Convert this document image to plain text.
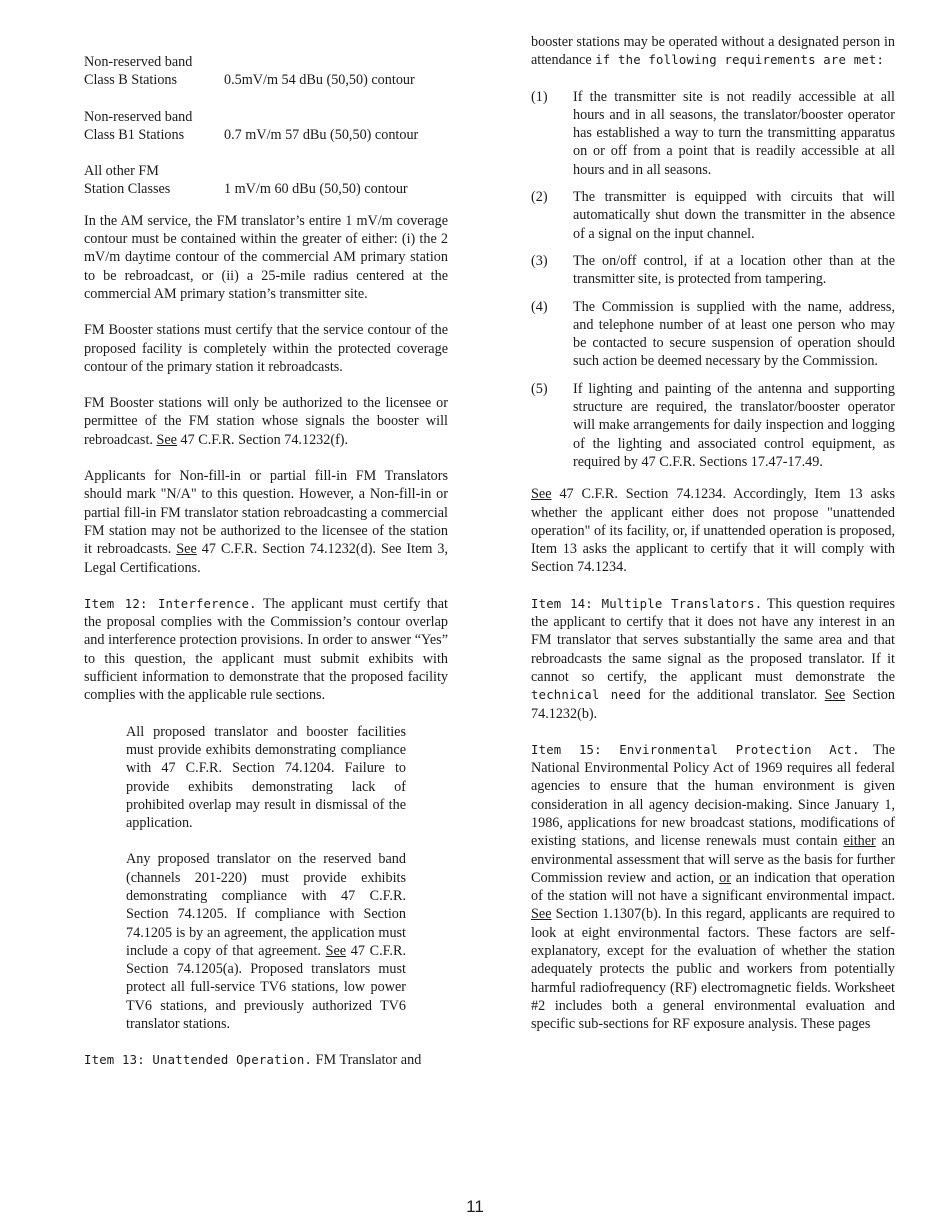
Non-reserved band
Class B Stations	0.5mV/m 54 dBu (50,50) contour
Non-reserved band
Class B1 Stations	0.7 mV/m 57 dBu (50,50) contour
All other FM
Station Classes	1 mV/m 60 dBu (50,50) contour

In the AM service, the FM translator’s entire 1 mV/m coverage contour must be contained within the greater of either: (i) the 2 mV/m daytime contour of the commercial AM primary station to be rebroadcast, or (ii) a 25-mile radius centered at the commercial AM primary station’s transmitter site.

FM Booster stations must certify that the service contour of the proposed facility is completely within the protected coverage contour of the primary station it rebroadcasts.

FM Booster stations will only be authorized to the licensee or permittee of the FM station whose signals the booster will rebroadcast. See 47 C.F.R. Section 74.1232(f).

Applicants for Non-fill-in or partial fill-in FM Translators should mark "N/A" to this question. However, a Non-fill-in or partial fill-in FM translator station rebroadcasting a commercial FM station may not be authorized to the licensee of the station it rebroadcasts. See 47 C.F.R. Section 74.1232(d). See Item 3, Legal Certifications.

Item 12: Interference. The applicant must certify that the proposal complies with the Commission’s contour overlap and interference protection provisions. In order to answer “Yes” to this question, the applicant must submit exhibits with sufficient information to demonstrate that the proposed facility complies with the applicable rule sections.

All proposed translator and booster facilities must provide exhibits demonstrating compliance with 47 C.F.R. Section 74.1204. Failure to provide exhibits demonstrating lack of prohibited overlap may result in dismissal of the application.

Any proposed translator on the reserved band (channels 201-220) must provide exhibits demonstrating compliance with 47 C.F.R. Section 74.1205. If compliance with Section 74.1205 is by an agreement, the application must include a copy of that agreement. See 47 C.F.R. Section 74.1205(a). Proposed translators must protect all full-service TV6 stations, low power TV6 stations, and previously authorized TV6 translator stations.

Item 13: Unattended Operation. FM Translator and

booster stations may be operated without a designated person in attendance if the following requirements are met:

(1)	If the transmitter site is not readily accessible at all hours and in all seasons, the translator/booster operator has established a way to turn the transmitting apparatus on or off from a point that is readily accessible at all hours and in all seasons.
(2)	The transmitter is equipped with circuits that will automatically shut down the transmitter in the absence of a signal on the input channel.
(3)	The on/off control, if at a location other than at the transmitter site, is protected from tampering.
(4)	The Commission is supplied with the name, address, and telephone number of at least one person who may be contacted to secure suspension of operation should such action be deemed necessary by the Commission.
(5)	If lighting and painting of the antenna and supporting structure are required, the translator/booster operator will make arrangements for daily inspection and logging of the lighting and associated control equipment, as required by 47 C.F.R. Sections 17.47-17.49.

See 47 C.F.R. Section 74.1234. Accordingly, Item 13 asks whether the applicant either does not propose "unattended operation" of its facility, or, if unattended operation is proposed, Item 13 asks the applicant to certify that it will comply with Section 74.1234.

Item 14: Multiple Translators. This question requires the applicant to certify that it does not have any interest in an FM translator that serves substantially the same area and that rebroadcasts the same signal as the proposed translator. If it cannot so certify, the applicant must demonstrate the technical need for the additional translator. See Section 74.1232(b).

Item 15: Environmental Protection Act. The National Environmental Policy Act of 1969 requires all federal agencies to ensure that the human environment is given consideration in all agency decision-making. Since January 1, 1986, applications for new broadcast stations, modifications of existing stations, and license renewals must contain either an environmental assessment that will serve as the basis for further Commission review and action, or an indication that operation of the station will not have a significant environmental impact. See Section 1.1307(b). In this regard, applicants are required to look at eight environmental factors. These factors are self-explanatory, except for the evaluation of whether the station adequately protects the public and workers from potentially harmful radiofrequency (RF) electromagnetic fields. Worksheet #2 includes both a general environmental evaluation and specific sub-sections for RF exposure analysis. These pages

11
